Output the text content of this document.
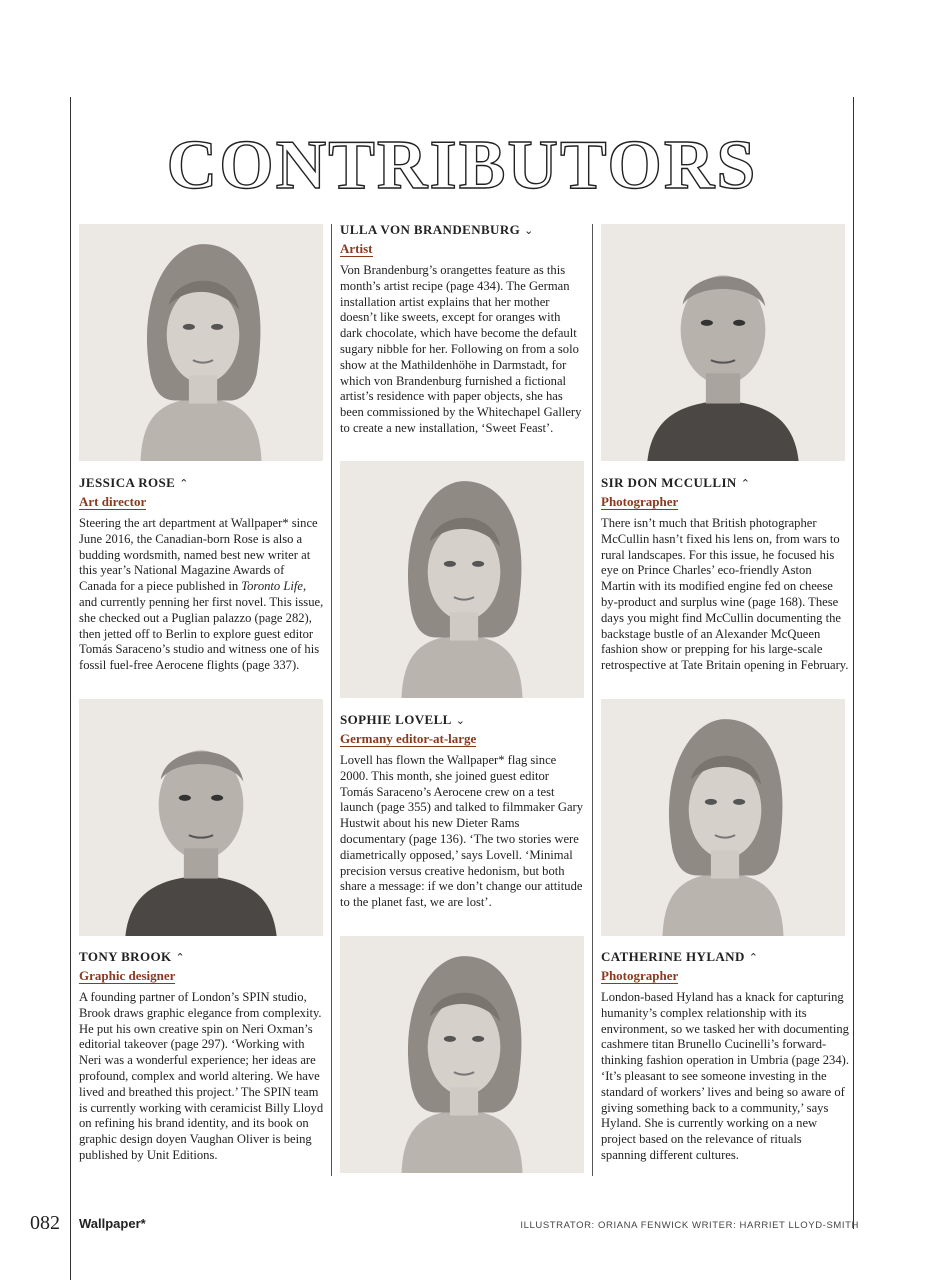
CONTRIBUTORS

JESSICA ROSE ⌃

Art director

Steering the art department at Wallpaper* since June 2016, the Canadian-born Rose is also a budding wordsmith, named best new writer at this year’s National Magazine Awards of Canada for a piece published in Toronto Life, and currently penning her first novel. This issue, she checked out a Puglian palazzo (page 282), then jetted off to Berlin to explore guest editor Tomás Saraceno’s studio and witness one of his fossil fuel-free Aerocene flights (page 337).

TONY BROOK ⌃

Graphic designer

A founding partner of London’s SPIN studio, Brook draws graphic elegance from complexity. He put his own creative spin on Neri Oxman’s editorial takeover (page 297). ‘Working with Neri was a wonderful experience; her ideas are profound, complex and world altering. We have lived and breathed this project.’ The SPIN team is currently working with ceramicist Billy Lloyd on refining his brand identity, and its book on graphic design doyen Vaughan Oliver is being published by Unit Editions.

ULLA VON BRANDENBURG ⌄

Artist

Von Brandenburg’s orangettes feature as this month’s artist recipe (page 434). The German installation artist explains that her mother doesn’t like sweets, except for oranges with dark chocolate, which have become the default sugary nibble for her. Following on from a solo show at the Mathildenhöhe in Darmstadt, for which von Brandenburg furnished a fictional artist’s residence with paper objects, she has been commissioned by the Whitechapel Gallery to create a new installation, ‘Sweet Feast’.

SOPHIE LOVELL ⌄

Germany editor-at-large

Lovell has flown the Wallpaper* flag since 2000. This month, she joined guest editor Tomás Saraceno’s Aerocene crew on a test launch (page 355) and talked to filmmaker Gary Hustwit about his new Dieter Rams documentary (page 136). ‘The two stories were diametrically opposed,’ says Lovell. ‘Minimal precision versus creative hedonism, but both share a message: if we don’t change our attitude to the planet fast, we are lost’.

SIR DON MCCULLIN ⌃

Photographer

There isn’t much that British photographer McCullin hasn’t fixed his lens on, from wars to rural landscapes. For this issue, he focused his eye on Prince Charles’ eco-friendly Aston Martin with its modified engine fed on cheese by-product and surplus wine (page 168). These days you might find McCullin documenting the backstage bustle of an Alexander McQueen fashion show or prepping for his large-scale retrospective at Tate Britain opening in February.

CATHERINE HYLAND ⌃

Photographer

London-based Hyland has a knack for capturing humanity’s complex relationship with its environment, so we tasked her with documenting cashmere titan Brunello Cucinelli’s forward-thinking fashion operation in Umbria (page 234). ‘It’s pleasant to see someone investing in the standard of workers’ lives and being so aware of giving something back to a community,’ says Hyland. She is currently working on a new project based on the relevance of rituals spanning different cultures.

082 Wallpaper*	ILLUSTRATOR: ORIANA FENWICK WRITER: HARRIET LLOYD-SMITH
